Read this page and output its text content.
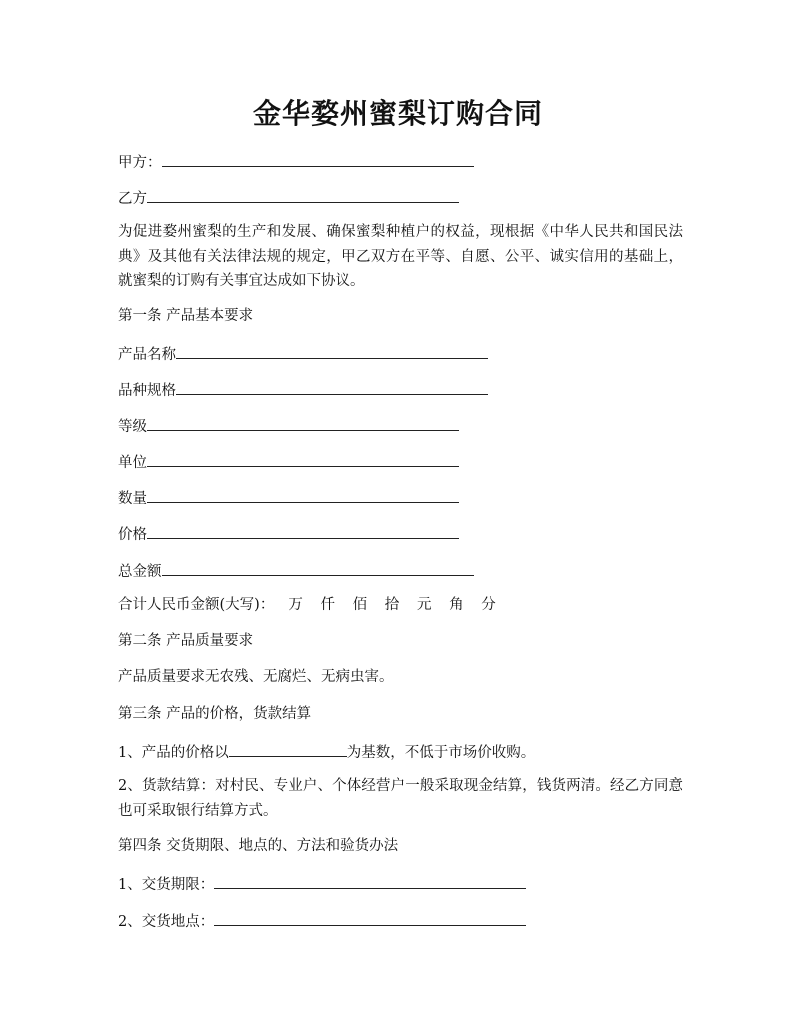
金华婺州蜜梨订购合同
甲方：
乙方
为促进婺州蜜梨的生产和发展、确保蜜梨种植户的权益，现根据《中华人民共和国民法典》及其他有关法律法规的规定，甲乙双方在平等、自愿、公平、诚实信用的基础上，就蜜梨的订购有关事宜达成如下协议。
第一条 产品基本要求
产品名称
品种规格
等级
单位
数量
价格
总金额
合计人民币金额(大写)： 万 仟 佰 拾 元 角 分
第二条 产品质量要求
产品质量要求无农残、无腐烂、无病虫害。
第三条 产品的价格，货款结算
1、产品的价格以	为基数，不低于市场价收购。
2、货款结算：对村民、专业户、个体经营户一般采取现金结算，钱货两清。经乙方同意也可采取银行结算方式。
第四条 交货期限、地点的、方法和验货办法
1、交货期限：
2、交货地点：
